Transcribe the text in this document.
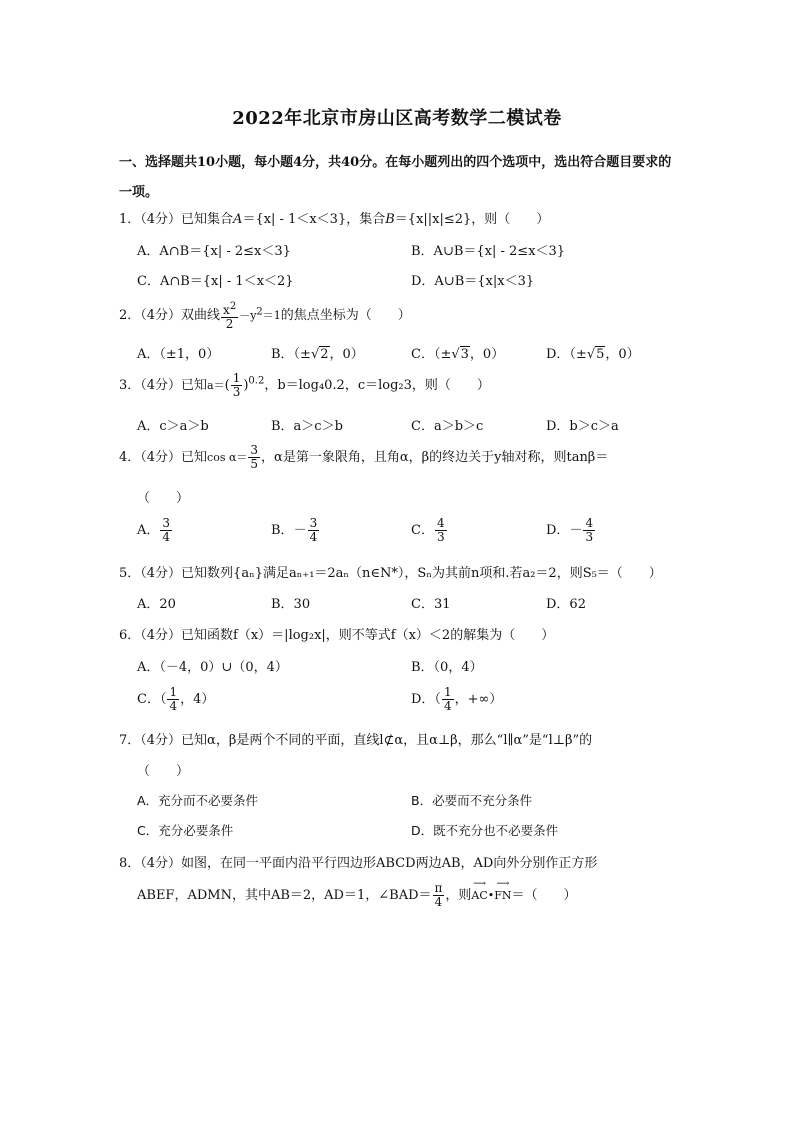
2022年北京市房山区高考数学二模试卷
一、选择题共10小题，每小题4分，共40分。在每小题列出的四个选项中，选出符合题目要求的一项。
1．（4分）已知集合A＝{x| - 1＜x＜3}，集合B＝{x||x|≤2}，则（　　）
A．A∩B＝{x| - 2≤x＜3}	B．A∪B＝{x| - 2≤x＜3}
C．A∩B＝{x| - 1＜x＜2}	D．A∪B＝{x|x＜3}
2．（4分）双曲线 $\frac{x^2}{2} -y2=1$的焦点坐标为（　　）
A．（±1，0）	B．（±√2，0）	C．（±√3，0）	D．（±√5，0）
3．（4分）已知$a=( \frac{1}{3} )^{0.2}$，b＝log₄0.2，c＝log₂3，则（　　）
A．c＞a＞b	B．a＞c＞b	C．a＞b＞c	D．b＞c＞a
4．（4分）已知$\cos \alpha= \frac{3}{5}$ ，α是第一象限角，且角α，β的终边关于y轴对称，则tanβ＝
（　　）
A． $\frac{3}{4}$	B．－ $\frac{3}{4}$	C． $\frac{4}{3}$	D．－ $\frac{4}{3}$
5．（4分）已知数列{aₙ}满足aₙ₊₁＝2aₙ（n∈N*），Sₙ为其前n项和.若a₂＝2，则S₅＝（　　）
A．20	B．30	C．31	D．62
6．（4分）已知函数f（x）＝|log₂x|，则不等式f（x）＜2的解集为（　　）
A．（－4，0）∪（0，4）	B．（0，4）
C．（ $\frac{1}{4}$ ，4）	D．（ $\frac{1}{4}$ ，+∞）
7．（4分）已知α，β是两个不同的平面，直线l⊄α，且α⊥β，那么“l∥α”是“l⊥β”的
（　　）
A．充分而不必要条件	B．必要而不充分条件
C．充分必要条件	D．既不充分也不必要条件
8．（4分）如图，在同一平面内沿平行四边形ABCD两边AB，AD向外分别作正方形
ABEF，ADMN，其中AB＝2，AD＝1，∠BAD＝ $\frac{\pi}{4}$ ，则
⟶
AC•
⟶
FN＝（　　）
